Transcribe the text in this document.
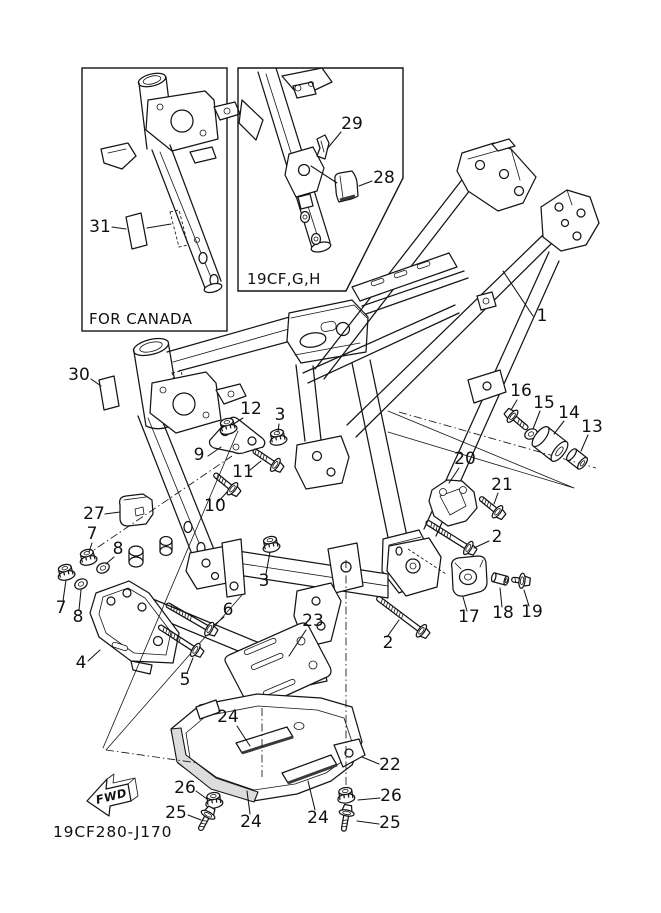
FOR CANADA
19CF,G,H
FWD
19CF280-J170
1
29
28
31
30
12 3
9
11
10
27
7
8
7 8
4
5
6
3
23
2
2
20
21
17 18 19
16
15 14
13
22
24
24	24
26
25
26
25
